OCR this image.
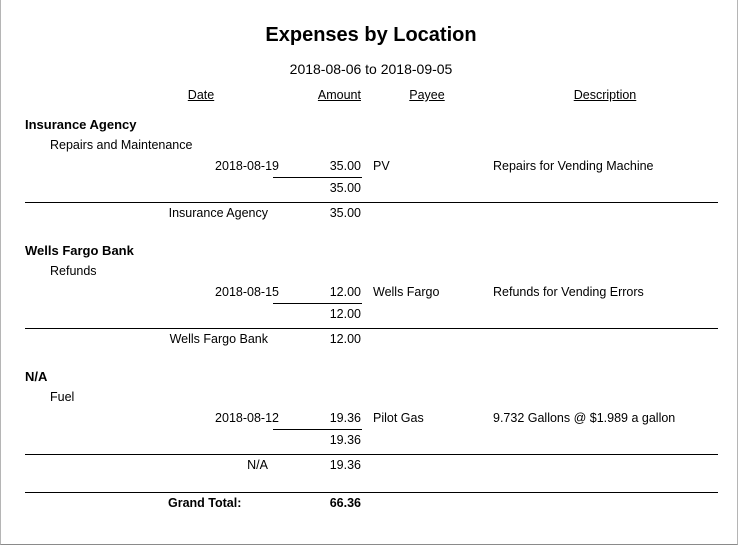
Expenses by Location
2018-08-06 to 2018-09-05
Date	Amount	Payee	Description
Insurance Agency
Repairs and Maintenance
2018-08-19	35.00 PV	Repairs for Vending Machine
35.00
Insurance Agency	35.00
Wells Fargo Bank
Refunds
2018-08-15	12.00 Wells Fargo	Refunds for Vending Errors
12.00
Wells Fargo Bank	12.00
N/A
Fuel
2018-08-12	19.36 Pilot Gas	9.732 Gallons @ $1.989 a gallon
19.36
N/A	19.36
Grand Total:	66.36
